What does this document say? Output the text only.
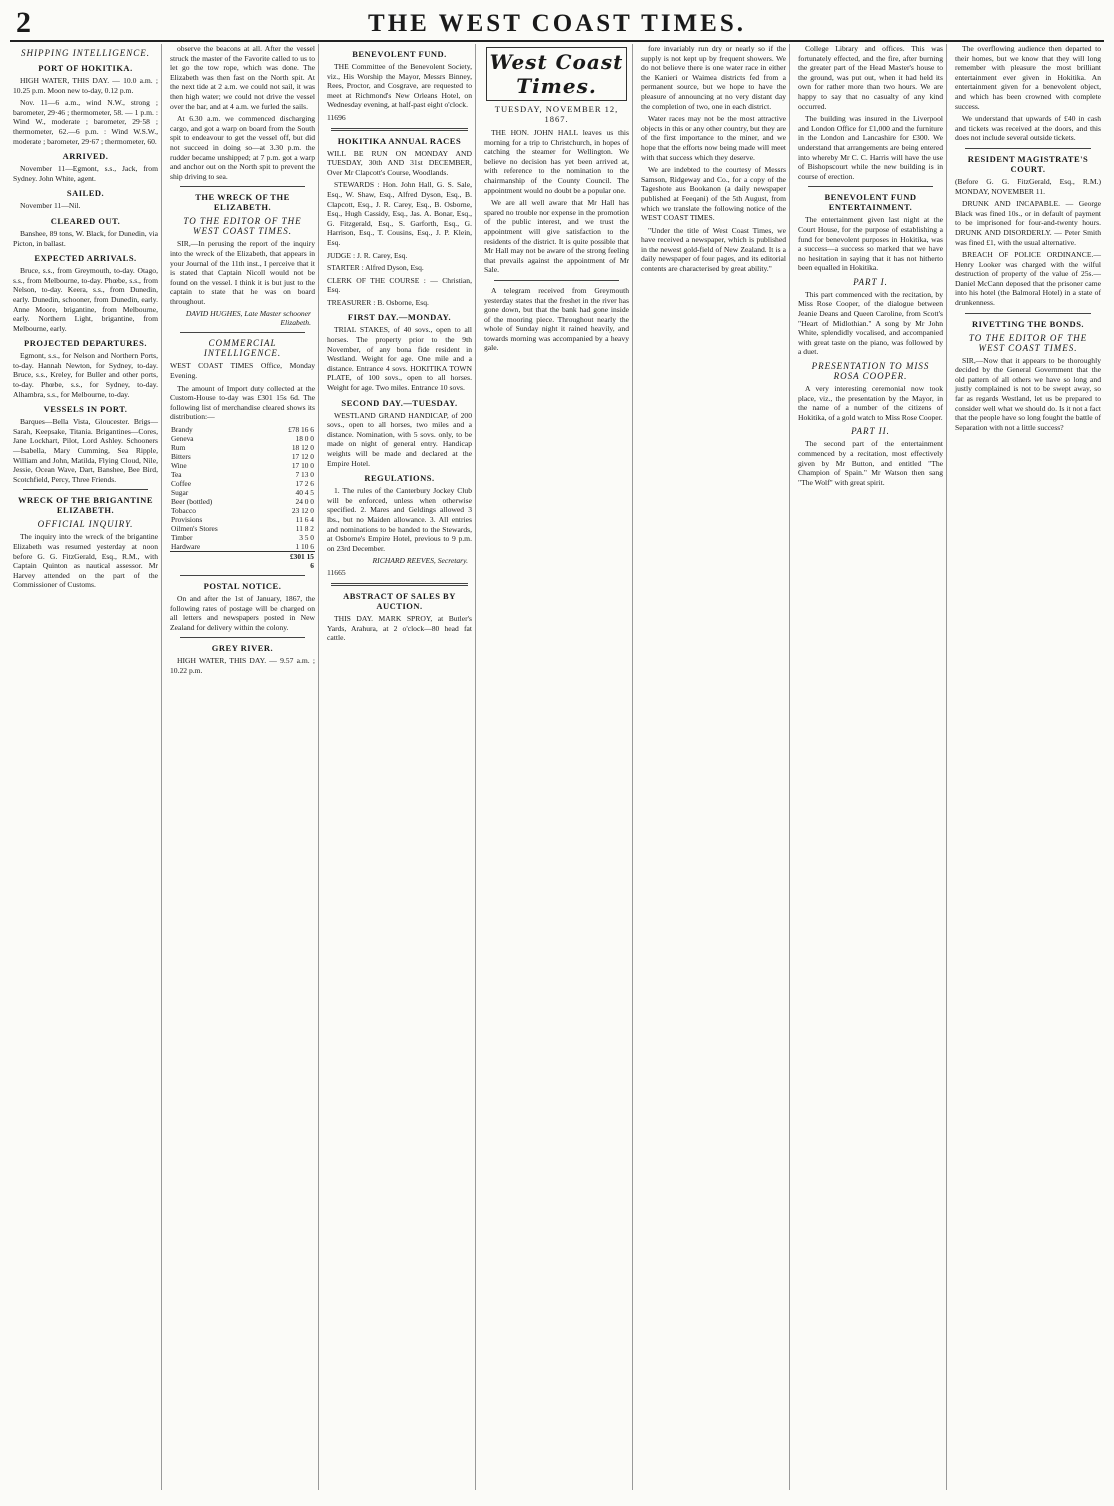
2	THE WEST COAST TIMES.
SHIPPING INTELLIGENCE.
PORT OF HOKITIKA.

HIGH WATER, THIS DAY. — 10.0 a.m. ; 10.25 p.m. Moon new to-day, 0.12 p.m.

Nov. 11—6 a.m., wind N.W., strong ; barometer, 29·46 ; thermometer, 58. — 1 p.m. : Wind W., moderate ; barometer, 29·58 ; thermometer, 62.—6 p.m. : Wind W.S.W., moderate ; barometer, 29·67 ; thermometer, 60.

ARRIVED.

November 11—Egmont, s.s., Jack, from Sydney. John White, agent.

SAILED.

November 11—Nil.

CLEARED OUT.

Banshee, 89 tons, W. Black, for Dunedin, via Picton, in ballast.

EXPECTED ARRIVALS.

Bruce, s.s., from Greymouth, to-day. Otago, s.s., from Melbourne, to-day. Phœbe, s.s., from Nelson, to-day. Keera, s.s., from Dunedin, early. Dunedin, schooner, from Dunedin, early. Anne Moore, brigantine, from Melbourne, early. Northern Light, brigantine, from Melbourne, early.

PROJECTED DEPARTURES.

Egmont, s.s., for Nelson and Northern Ports, to-day. Hannah Newton, for Sydney, to-day. Bruce, s.s., Kreley, for Buller and other ports, to-day. Phœbe, s.s., for Sydney, to-day. Alhambra, s.s., for Melbourne, to-day.

VESSELS IN PORT.

Barques—Bella Vista, Gloucester. Brigs—Sarah, Keepsake, Titania. Brigantines—Cores, Jane Lockhart, Pilot, Lord Ashley. Schooners—Isabella, Mary Cumming, Sea Ripple, William and John, Matilda, Flying Cloud, Nile, Jessie, Ocean Wave, Dart, Banshee, Bee Bird, Scotchfield, Percy, Three Friends.

WRECK OF THE BRIGANTINE ELIZABETH.
OFFICIAL INQUIRY.

The inquiry into the wreck of the brigantine Elizabeth was resumed yesterday at noon before G. G. FitzGerald, Esq., R.M., with Captain Quinton as nautical assessor. Mr Harvey attended on the part of the Commissioner of Customs.

observe the beacons at all. After the vessel struck the master of the Favorite called to us to let go the tow rope, which was done. The Elizabeth was then fast on the North spit. At the next tide at 2 a.m. we could not sail, it was then high water; we could not drive the vessel over the bar, and at 4 a.m. we furled the sails.

At 6.30 a.m. we commenced discharging cargo, and got a warp on board from the South spit to endeavour to get the vessel off, but did not succeed in doing so—at 3.30 p.m. the rudder became unshipped; at 7 p.m. got a warp and anchor out on the North spit to prevent the ship driving to sea.

THE WRECK OF THE ELIZABETH.
TO THE EDITOR OF THE WEST COAST TIMES.

SIR,—In perusing the report of the inquiry into the wreck of the Elizabeth, that appears in your Journal of the 11th inst., I perceive that it is stated that Captain Nicoll would not be found on the vessel. I think it is but just to the captain to state that he was on board throughout.

DAVID HUGHES, Late Master schooner Elizabeth.
COMMERCIAL INTELLIGENCE.

WEST COAST TIMES Office, Monday Evening.

The amount of Import duty collected at the Custom-House to-day was £301 15s 6d. The following list of merchandise cleared shows its distribution:—

Brandy	£78 16 6
Geneva	18 0 0
Rum	18 12 0
Bitters	17 12 0
Wine	17 10 0
Tea	7 13 0
Coffee	17 2 6
Sugar	40 4 5
Beer (bottled)	24 0 0
Tobacco	23 12 0
Provisions	11 6 4
Oilmen's Stores	11 8 2
Timber	3 5 0
Hardware	1 10 6
	£301 15 6
POSTAL NOTICE.

On and after the 1st of January, 1867, the following rates of postage will be charged on all letters and newspapers posted in New Zealand for delivery within the colony.

GREY RIVER.

HIGH WATER, THIS DAY. — 9.57 a.m. ; 10.22 p.m.

BENEVOLENT FUND.

THE Committee of the Benevolent Society, viz., His Worship the Mayor, Messrs Binney, Rees, Proctor, and Cosgrave, are requested to meet at Richmond's New Orleans Hotel, on Wednesday evening, at half-past eight o'clock.

11696

HOKITIKA ANNUAL RACES

WILL BE RUN ON MONDAY AND TUESDAY, 30th AND 31st DECEMBER, Over Mr Clapcott's Course, Woodlands.

STEWARDS : Hon. John Hall, G. S. Sale, Esq., W. Shaw, Esq., Alfred Dyson, Esq., B. Clapcott, Esq., J. R. Carey, Esq., B. Osborne, Esq., Hugh Cassidy, Esq., Jas. A. Bonar, Esq., G. Fitzgerald, Esq., S. Garforth, Esq., G. Harrison, Esq., T. Cousins, Esq., J. P. Klein, Esq.

JUDGE : J. R. Carey, Esq.

STARTER : Alfred Dyson, Esq.

CLERK OF THE COURSE : — Christian, Esq.

TREASURER : B. Osborne, Esq.

FIRST DAY.—MONDAY.

TRIAL STAKES, of 40 sovs., open to all horses. The property prior to the 9th November, of any bona fide resident in Westland. Weight for age. One mile and a distance. Entrance 4 sovs. HOKITIKA TOWN PLATE, of 100 sovs., open to all horses. Weight for age. Two miles. Entrance 10 sovs.

SECOND DAY.—TUESDAY.

WESTLAND GRAND HANDICAP, of 200 sovs., open to all horses, two miles and a distance. Nomination, with 5 sovs. only, to be made on night of general entry. Handicap weights will be made and declared at the Empire Hotel.

REGULATIONS.

1. The rules of the Canterbury Jockey Club will be enforced, unless when otherwise specified. 2. Mares and Geldings allowed 3 lbs., but no Maiden allowance. 3. All entries and nominations to be handed to the Stewards, at Osborne's Empire Hotel, previous to 9 p.m. on 23rd December.

RICHARD REEVES, Secretary.

11665

ABSTRACT OF SALES BY AUCTION.

THIS DAY. MARK SPROY, at Butler's Yards, Arahura, at 2 o'clock—80 head fat cattle.

West Coast Times.
TUESDAY, NOVEMBER 12, 1867.

THE HON. JOHN HALL leaves us this morning for a trip to Christchurch, in hopes of catching the steamer for Wellington. We believe no decision has yet been arrived at, with reference to the nomination to the chairmanship of the County Council. The appointment would no doubt be a popular one.

We are all well aware that Mr Hall has spared no trouble nor expense in the promotion of the public interest, and we trust the appointment will give satisfaction to the residents of the district. It is quite possible that Mr Hall may not be aware of the strong feeling that prevails against the appointment of Mr Sale.

A telegram received from Greymouth yesterday states that the freshet in the river has gone down, but that the bank had gone inside of the mooring piece. Throughout nearly the whole of Sunday night it rained heavily, and towards morning was accompanied by a heavy gale.

fore invariably run dry or nearly so if the supply is not kept up by frequent showers. We do not believe there is one water race in either the Kanieri or Waimea districts fed from a permanent source, but we hope to have the pleasure of announcing at no very distant day the completion of two, one in each district.

Water races may not be the most attractive objects in this or any other country, but they are of the first importance to the miner, and we hope that the efforts now being made will meet with that success which they deserve.

We are indebted to the courtesy of Messrs Samson, Ridgeway and Co., for a copy of the Tageshote aus Bookanon (a daily newspaper published at Feeqani) of the 5th August, from which we translate the following notice of the WEST COAST TIMES.

"Under the title of West Coast Times, we have received a newspaper, which is published in the newest gold-field of New Zealand. It is a daily newspaper of four pages, and its editorial contents are characterised by great ability."

College Library and offices. This was fortunately effected, and the fire, after burning the greater part of the Head Master's house to the ground, was put out, when it had held its own for rather more than two hours. We are happy to say that no casualty of any kind occurred.

The building was insured in the Liverpool and London Office for £1,000 and the furniture in the London and Lancashire for £300. We understand that arrangements are being entered into whereby Mr C. C. Harris will have the use of Bishopscourt while the new building is in course of erection.

BENEVOLENT FUND ENTERTAINMENT.

The entertainment given last night at the Court House, for the purpose of establishing a fund for benevolent purposes in Hokitika, was a success—a success so marked that we have no hesitation in saying that it has not hitherto been equalled in Hokitika.

PART I.

This part commenced with the recitation, by Miss Rose Cooper, of the dialogue between Jeanie Deans and Queen Caroline, from Scott's "Heart of Midlothian." A song by Mr John White, splendidly vocalised, and accompanied with great taste on the piano, was followed by a duet.

PRESENTATION TO MISS ROSA COOPER.

A very interesting ceremonial now took place, viz., the presentation by the Mayor, in the name of a number of the citizens of Hokitika, of a gold watch to Miss Rose Cooper.

PART II.

The second part of the entertainment commenced by a recitation, most effectively given by Mr Button, and entitled "The Champion of Spain." Mr Watson then sang "The Wolf" with great spirit.

The overflowing audience then departed to their homes, but we know that they will long remember with pleasure the most brilliant entertainment ever given in Hokitika. An entertainment given for a benevolent object, and which has been crowned with complete success.

We understand that upwards of £40 in cash and tickets was received at the doors, and this does not include several outside tickets.

RESIDENT MAGISTRATE'S COURT.

(Before G. G. FitzGerald, Esq., R.M.) MONDAY, NOVEMBER 11.

DRUNK AND INCAPABLE. — George Black was fined 10s., or in default of payment to be imprisoned for four-and-twenty hours. DRUNK AND DISORDERLY. — Peter Smith was fined £1, with the usual alternative.

BREACH OF POLICE ORDINANCE.—Henry Looker was charged with the wilful destruction of property of the value of 25s.—Daniel McCann deposed that the prisoner came into his hotel (the Balmoral Hotel) in a state of drunkenness.

RIVETTING THE BONDS.
TO THE EDITOR OF THE WEST COAST TIMES.

SIR,—Now that it appears to be thoroughly decided by the General Government that the old pattern of all others we have so long and justly complained is not to be swept away, so far as regards Westland, let us be prepared to consider well what we should do. Is it not a fact that the people have so long fought the battle of Separation with not a little success?
